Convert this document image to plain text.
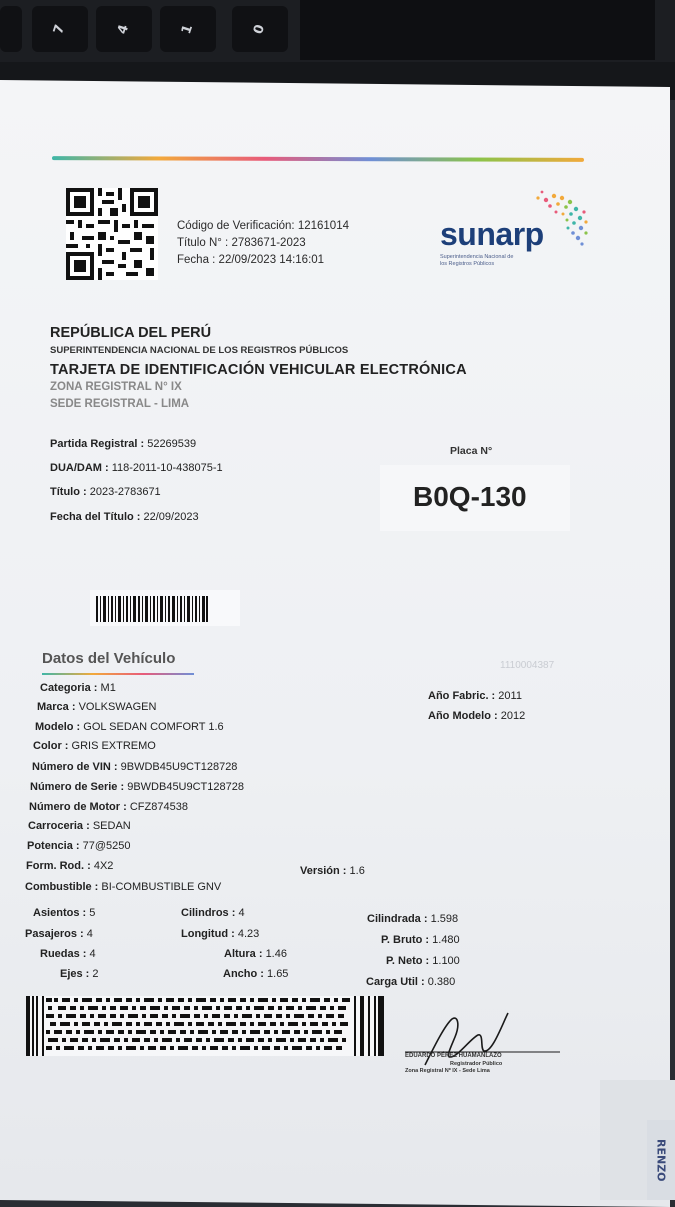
7	4	1	0
RENZO
Código de Verificación: 12161014
Título N° : 2783671-2023
Fecha : 22/09/2023 14:16:01
sunarp
Superintendencia Nacional de los Registros Públicos
REPÚBLICA DEL PERÚ
SUPERINTENDENCIA NACIONAL DE LOS REGISTROS PÚBLICOS
TARJETA DE IDENTIFICACIÓN VEHICULAR ELECTRÓNICA
ZONA REGISTRAL N° IX
SEDE REGISTRAL - LIMA
Partida Registral : 52269539
DUA/DAM : 118-2011-10-438075-1
Título : 2023-2783671
Fecha del Título : 22/09/2023
Placa N°
B0Q-130
Datos del Vehículo	1110004387
Categoria : M1
Marca : VOLKSWAGEN
Modelo : GOL SEDAN COMFORT 1.6
Color : GRIS EXTREMO
Número de VIN : 9BWDB45U9CT128728
Número de Serie : 9BWDB45U9CT128728
Número de Motor : CFZ874538
Carroceria : SEDAN
Potencia : 77@5250
Form. Rod. : 4X2
Combustible : BI-COMBUSTIBLE GNV
Versión : 1.6
Año Fabric. : 2011
Año Modelo : 2012
Asientos : 5
Pasajeros : 4
Ruedas : 4
Ejes : 2
Cilindros : 4
Longitud : 4.23
Altura : 1.46
Ancho : 1.65
Cilindrada : 1.598
P. Bruto : 1.480
P. Neto : 1.100
Carga Util : 0.380
EDUARDO PÉREZ HUAMANLAZO
Registrador Público
Zona Registral Nº IX - Sede Lima
